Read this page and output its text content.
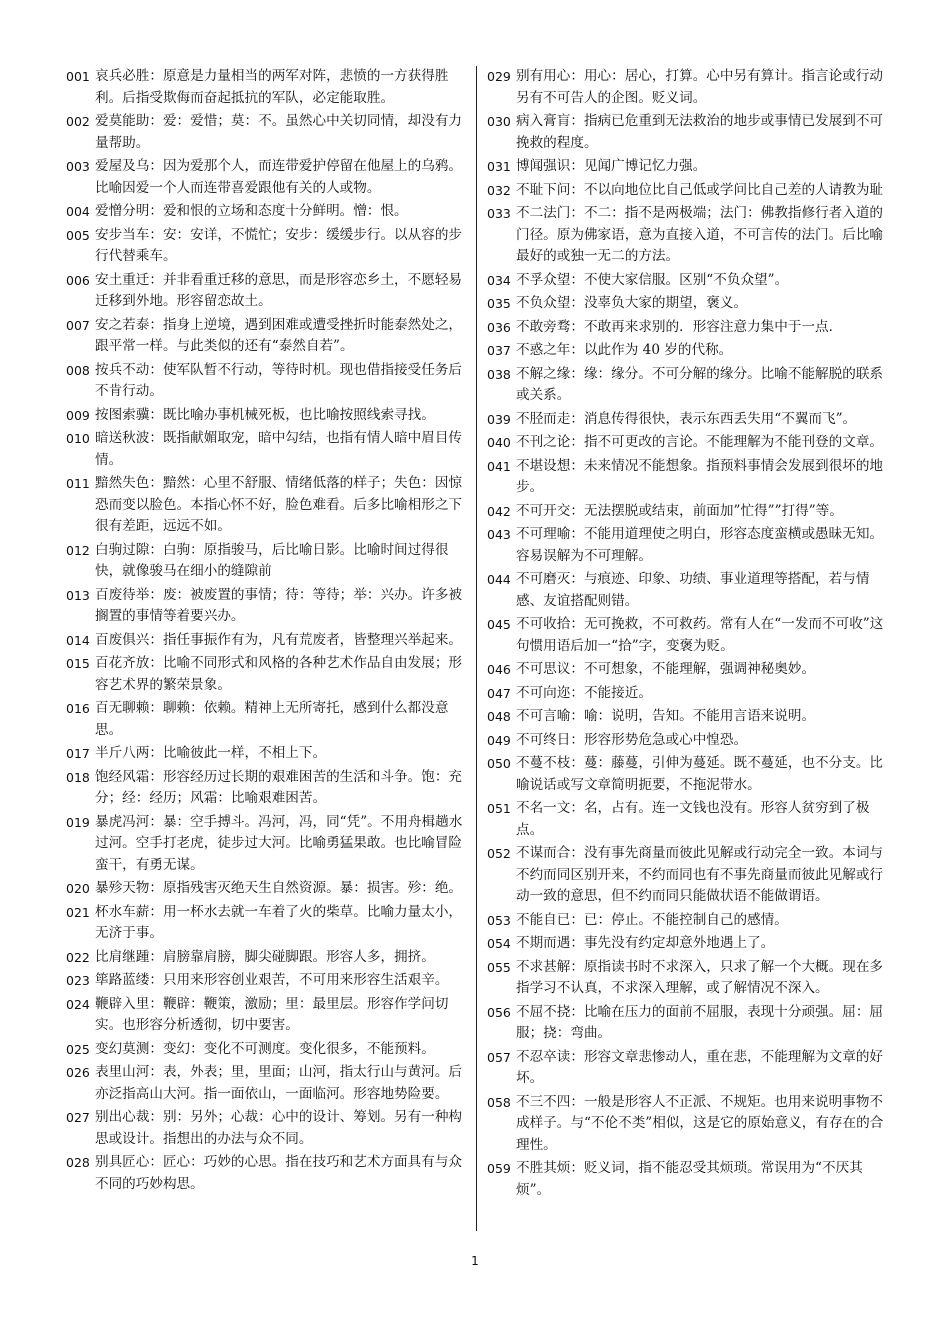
001 哀兵必胜：原意是力量相当的两军对阵，悲愤的一方获得胜利。后指受欺侮而奋起抵抗的军队，必定能取胜。
002 爱莫能助：爱：爱惜；莫：不。虽然心中关切同情，却没有力量帮助。
003 爱屋及乌：因为爱那个人，而连带爱护停留在他屋上的乌鸦。比喻因爱一个人而连带喜爱跟他有关的人或物。
004 爱憎分明：爱和恨的立场和态度十分鲜明。憎：恨。
005 安步当车：安：安详，不慌忙；安步：缓缓步行。以从容的步行代替乘车。
006 安土重迁：并非看重迁移的意思，而是形容恋乡土，不愿轻易迁移到外地。形容留恋故土。
007 安之若泰：指身上逆境，遇到困难或遭受挫折时能泰然处之，跟平常一样。与此类似的还有“泰然自若”。
008 按兵不动：使军队暂不行动，等待时机。现也借指接受任务后不肯行动。
009 按图索骥：既比喻办事机械死板，也比喻按照线索寻找。
010 暗送秋波：既指献媚取宠，暗中勾结，也指有情人暗中眉目传情。
011 黯然失色：黯然：心里不舒服、情绪低落的样子；失色：因惊恐而变以脸色。本指心怀不好，脸色难看。后多比喻相形之下很有差距，远远不如。
012 白驹过隙：白驹：原指骏马，后比喻日影。比喻时间过得很快，就像骏马在细小的缝隙前
013 百废待举：废：被废置的事情；待：等待；举：兴办。许多被搁置的事情等着要兴办。
014 百废俱兴：指任事振作有为，凡有荒废者，皆整理兴举起来。
015 百花齐放：比喻不同形式和风格的各种艺术作品自由发展；形容艺术界的繁荣景象。
016 百无聊赖：聊赖：依赖。精神上无所寄托，感到什么都没意思。
017 半斤八两：比喻彼此一样，不相上下。
018 饱经风霜：形容经历过长期的艰难困苦的生活和斗争。饱：充分；经：经历；风霜：比喻艰难困苦。
019 暴虎冯河：暴：空手搏斗。冯河，冯，同“凭”。不用舟楫趟水过河。空手打老虎，徒步过大河。比喻勇猛果敢。也比喻冒险蛮干，有勇无谋。
020 暴殄天物：原指残害灭绝天生自然资源。暴：损害。殄：绝。
021 杯水车薪：用一杯水去就一车着了火的柴草。比喻力量太小，无济于事。
022 比肩继踵：肩膀靠肩膀，脚尖碰脚跟。形容人多，拥挤。
023 筚路蓝缕：只用来形容创业艰苦，不可用来形容生活艰辛。
024 鞭辟入里：鞭辟：鞭策，激励；里：最里层。形容作学问切实。也形容分析透彻，切中要害。
025 变幻莫测：变幻：变化不可测度。变化很多，不能预料。
026 表里山河：表，外表；里，里面；山河，指太行山与黄河。后亦泛指高山大河。指一面依山，一面临河。形容地势险要。
027 别出心裁：别：另外；心裁：心中的设计、筹划。另有一种构思或设计。指想出的办法与众不同。
028 别具匠心：匠心：巧妙的心思。指在技巧和艺术方面具有与众不同的巧妙构思。
029 别有用心：用心：居心，打算。心中另有算计。指言论或行动另有不可告人的企图。贬义词。
030 病入膏肓：指病已危重到无法救治的地步或事情已发展到不可挽救的程度。
031 博闻强识：见闻广博记忆力强。
032 不耻下问：不以向地位比自己低或学问比自己差的人请教为耻
033 不二法门：不二：指不是两极端；法门：佛教指修行者入道的门径。原为佛家语，意为直接入道，不可言传的法门。后比喻最好的或独一无二的方法。
034 不孚众望：不使大家信服。区别“不负众望”。
035 不负众望：没辜负大家的期望，褒义。
036 不敢旁骛：不敢再来求别的．形容注意力集中于一点．
037 不惑之年：以此作为 40 岁的代称。
038 不解之缘：缘：缘分。不可分解的缘分。比喻不能解脱的联系或关系。
039 不胫而走：消息传得很快，表示东西丢失用“不翼而飞”。
040 不刊之论：指不可更改的言论。不能理解为不能刊登的文章。
041 不堪设想：未来情况不能想象。指预料事情会发展到很坏的地步。
042 不可开交：无法摆脱或结束，前面加”忙得””打得”等。
043 不可理喻：不能用道理使之明白，形容态度蛮横或愚昧无知。容易误解为不可理解。
044 不可磨灭：与痕迹、印象、功绩、事业道理等搭配，若与情感、友谊搭配则错。
045 不可收拾：无可挽救，不可救药。常有人在“一发而不可收”这句惯用语后加一“拾”字，变褒为贬。
046 不可思议：不可想象，不能理解，强调神秘奥妙。
047 不可向迩：不能接近。
048 不可言喻：喻：说明，告知。不能用言语来说明。
049 不可终日：形容形势危急或心中惶恐。
050 不蔓不枝：蔓：藤蔓，引伸为蔓延。既不蔓延，也不分支。比喻说话或写文章简明扼要，不拖泥带水。
051 不名一文：名，占有。连一文钱也没有。形容人贫穷到了极点。
052 不谋而合：没有事先商量而彼此见解或行动完全一致。本词与不约而同区别开来，不约而同也有不事先商量而彼此见解或行动一致的意思，但不约而同只能做状语不能做谓语。
053 不能自已：已：停止。不能控制自己的感情。
054 不期而遇：事先没有约定却意外地遇上了。
055 不求甚解：原指读书时不求深入，只求了解一个大概。现在多指学习不认真，不求深入理解，或了解情况不深入。
056 不屈不挠：比喻在压力的面前不屈服，表现十分顽强。屈：屈服；挠：弯曲。
057 不忍卒读：形容文章悲惨动人，重在悲，不能理解为文章的好坏。
058 不三不四：一般是形容人不正派、不规矩。也用来说明事物不成样子。与“不伦不类”相似，这是它的原始意义，有存在的合理性。
059 不胜其烦：贬义词，指不能忍受其烦琐。常误用为“不厌其烦”。
1
